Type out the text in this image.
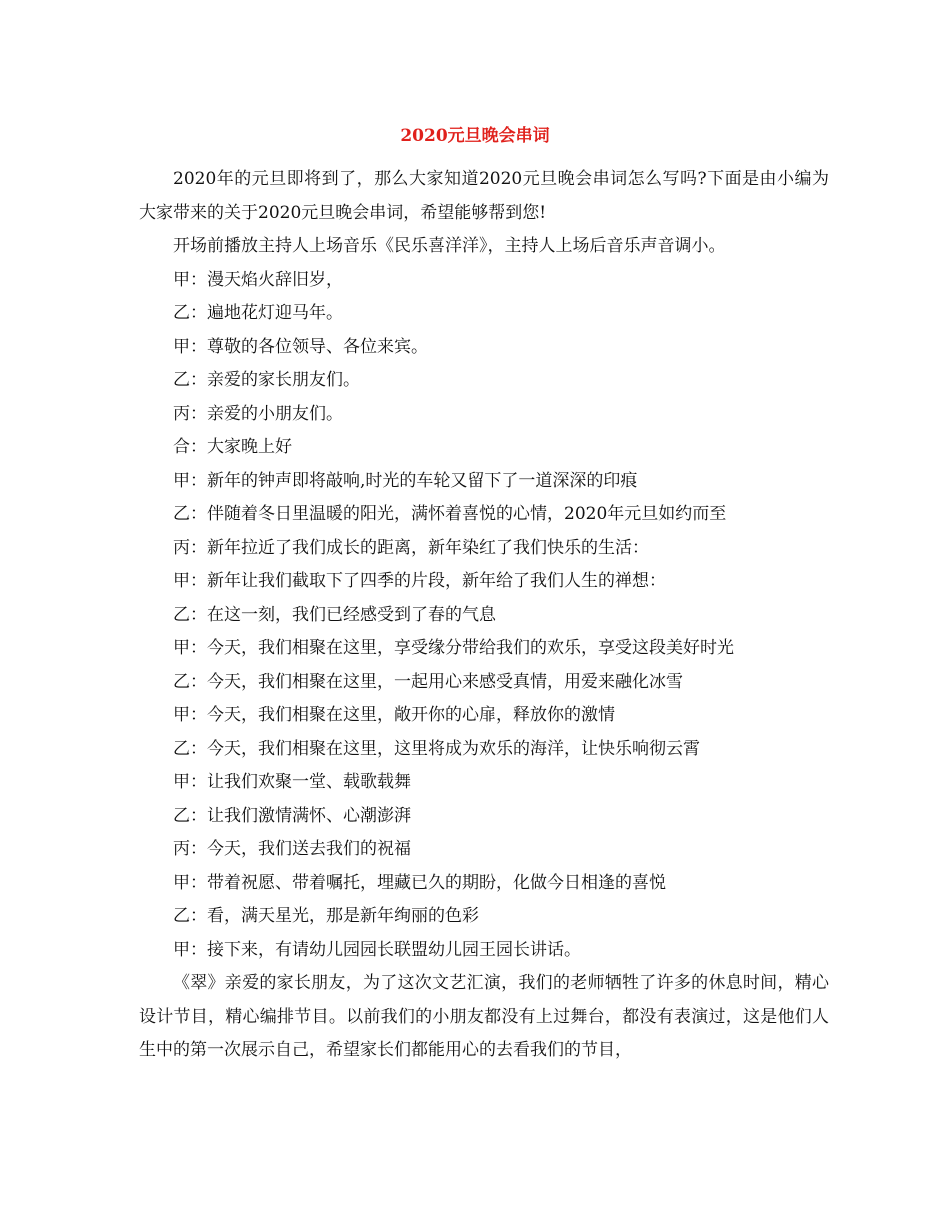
2020元旦晚会串词

2020年的元旦即将到了，那么大家知道2020元旦晚会串词怎么写吗?下面是由小编为大家带来的关于2020元旦晚会串词，希望能够帮到您!

开场前播放主持人上场音乐《民乐喜洋洋》，主持人上场后音乐声音调小。

甲：漫天焰火辞旧岁，

乙：遍地花灯迎马年。

甲：尊敬的各位领导、各位来宾。

乙：亲爱的家长朋友们。

丙：亲爱的小朋友们。

合：大家晚上好

甲：新年的钟声即将敲响,时光的车轮又留下了一道深深的印痕

乙：伴随着冬日里温暖的阳光，满怀着喜悦的心情，2020年元旦如约而至

丙：新年拉近了我们成长的距离，新年染红了我们快乐的生活：

甲：新年让我们截取下了四季的片段，新年给了我们人生的禅想：

乙：在这一刻，我们已经感受到了春的气息

甲：今天，我们相聚在这里，享受缘分带给我们的欢乐，享受这段美好时光

乙：今天，我们相聚在这里，一起用心来感受真情，用爱来融化冰雪

甲：今天，我们相聚在这里，敞开你的心扉，释放你的激情

乙：今天，我们相聚在这里，这里将成为欢乐的海洋，让快乐响彻云霄

甲：让我们欢聚一堂、载歌载舞

乙：让我们激情满怀、心潮澎湃

丙：今天，我们送去我们的祝福

甲：带着祝愿、带着嘱托，埋藏已久的期盼，化做今日相逢的喜悦

乙：看，满天星光，那是新年绚丽的色彩

甲：接下来，有请幼儿园园长联盟幼儿园王园长讲话。

《翠》亲爱的家长朋友，为了这次文艺汇演，我们的老师牺牲了许多的休息时间，精心设计节目，精心编排节目。以前我们的小朋友都没有上过舞台，都没有表演过，这是他们人生中的第一次展示自己，希望家长们都能用心的去看我们的节目，
